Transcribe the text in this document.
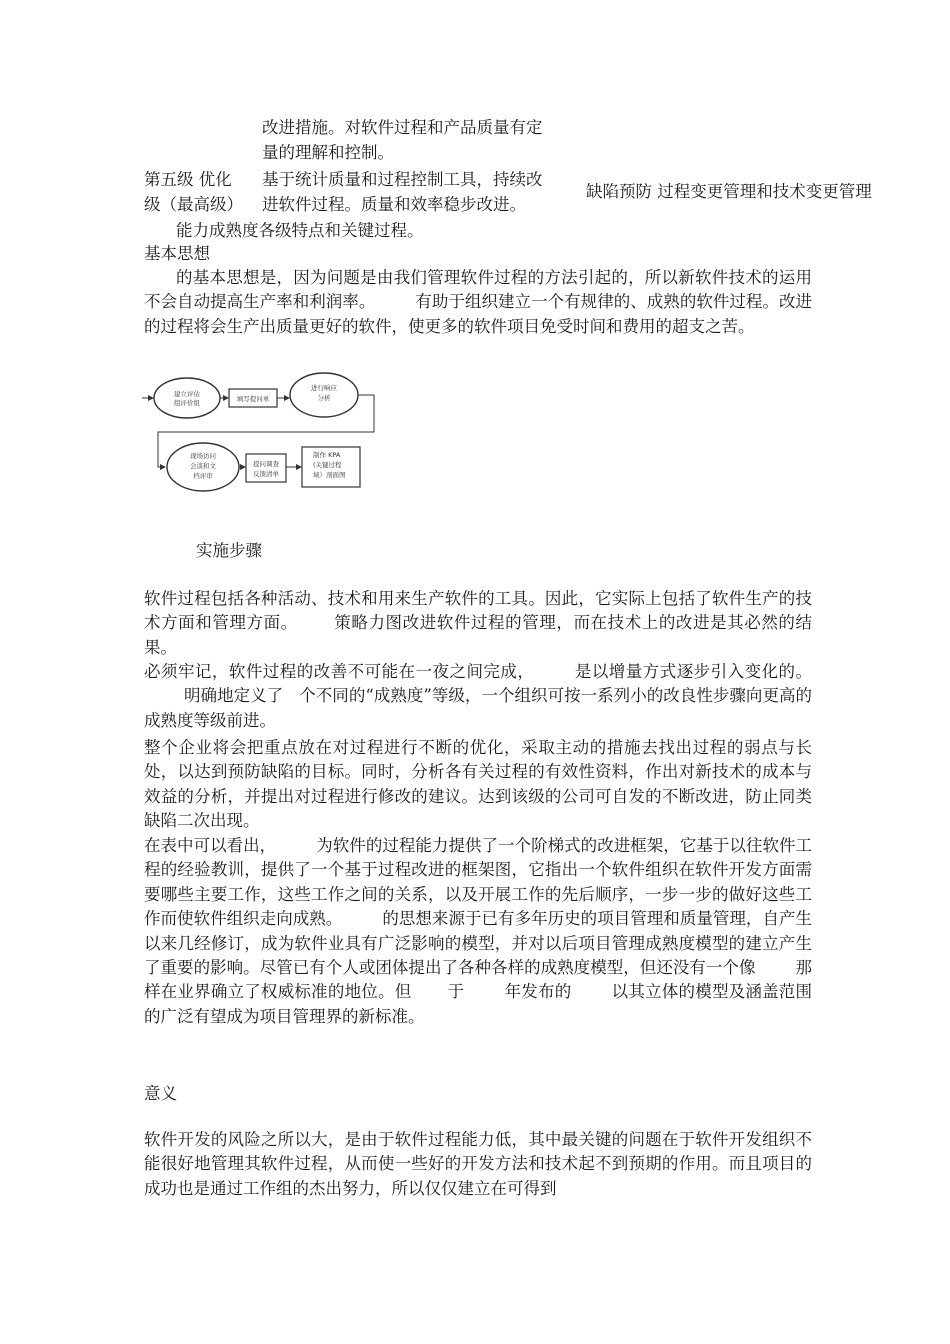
改进措施。对软件过程和产品质量有定
量的理解和控制。
第五级 优化
级（最高级）
基于统计质量和过程控制工具，持续改
进软件过程。质量和效率稳步改进。
缺陷预防 过程变更管理和技术变更管理
能力成熟度各级特点和关键过程。
基本思想

的基本思想是，因为问题是由我们管理软件过程的方法引起的，所以新软件技术的运用不会自动提高生产率和利润率。 有助于组织建立一个有规律的、成熟的软件过程。改进的过程将会生产出质量更好的软件，使更多的软件项目免受时间和费用的超支之苦。

建立评估
组评价组	填写提问单
进行响应
分析
现场访问
会谈和文
档评审
提问调查
反馈清单
制作 KPA
(关键过程
域）剖面图
实施步骤

软件过程包括各种活动、技术和用来生产软件的工具。因此，它实际上包括了软件生产的技术方面和管理方面。 策略力图改进软件过程的管理，而在技术上的改进是其必然的结果。

必须牢记，软件过程的改善不可能在一夜之间完成， 是以增量方式逐步引入变化的。明确地定义了 个不同的“成熟度”等级，一个组织可按一系列小的改良性步骤向更高的成熟度等级前进。

整个企业将会把重点放在对过程进行不断的优化，采取主动的措施去找出过程的弱点与长处，以达到预防缺陷的目标。同时，分析各有关过程的有效性资料，作出对新技术的成本与效益的分析，并提出对过程进行修改的建议。达到该级的公司可自发的不断改进，防止同类缺陷二次出现。

在表中可以看出， 为软件的过程能力提供了一个阶梯式的改进框架，它基于以往软件工程的经验教训，提供了一个基于过程改进的框架图，它指出一个软件组织在软件开发方面需要哪些主要工作，这些工作之间的关系，以及开展工作的先后顺序，一步一步的做好这些工作而使软件组织走向成熟。 的思想来源于已有多年历史的项目管理和质量管理，自产生以来几经修订，成为软件业具有广泛影响的模型，并对以后项目管理成熟度模型的建立产生了重要的影响。尽管已有个人或团体提出了各种各样的成熟度模型，但还没有一个像 那样在业界确立了权威标准的地位。但 于 年发布的 以其立体的模型及涵盖范围的广泛有望成为项目管理界的新标准。

意义

软件开发的风险之所以大，是由于软件过程能力低，其中最关键的问题在于软件开发组织不能很好地管理其软件过程，从而使一些好的开发方法和技术起不到预期的作用。而且项目的成功也是通过工作组的杰出努力，所以仅仅建立在可得到
